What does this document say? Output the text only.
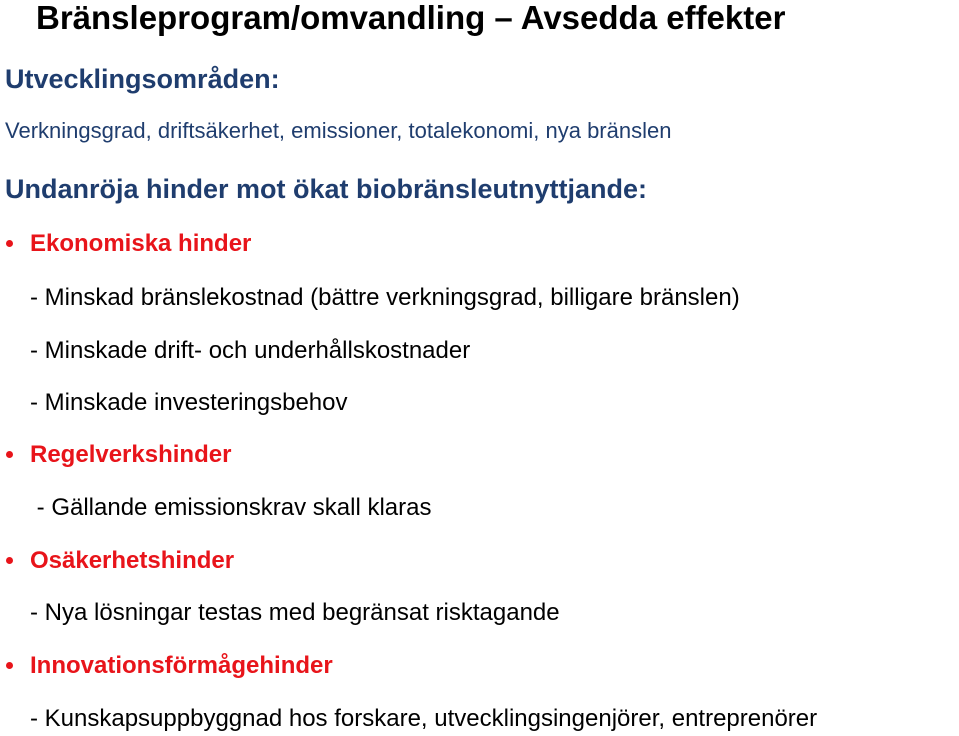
Bränsleprogram/omvandling – Avsedda effekter
Utvecklingsområden:
Verkningsgrad, driftsäkerhet, emissioner, totalekonomi, nya bränslen
Undanröja hinder mot ökat biobränsleutnyttjande:
Ekonomiska hinder
- Minskad bränslekostnad (bättre verkningsgrad, billigare bränslen)
- Minskade drift- och underhållskostnader
- Minskade investeringsbehov
Regelverkshinder
- Gällande emissionskrav skall klaras
Osäkerhetshinder
- Nya lösningar testas med begränsat risktagande
Innovationsförmågehinder
- Kunskapsuppbyggnad hos forskare, utvecklingsingenjörer, entreprenörer
